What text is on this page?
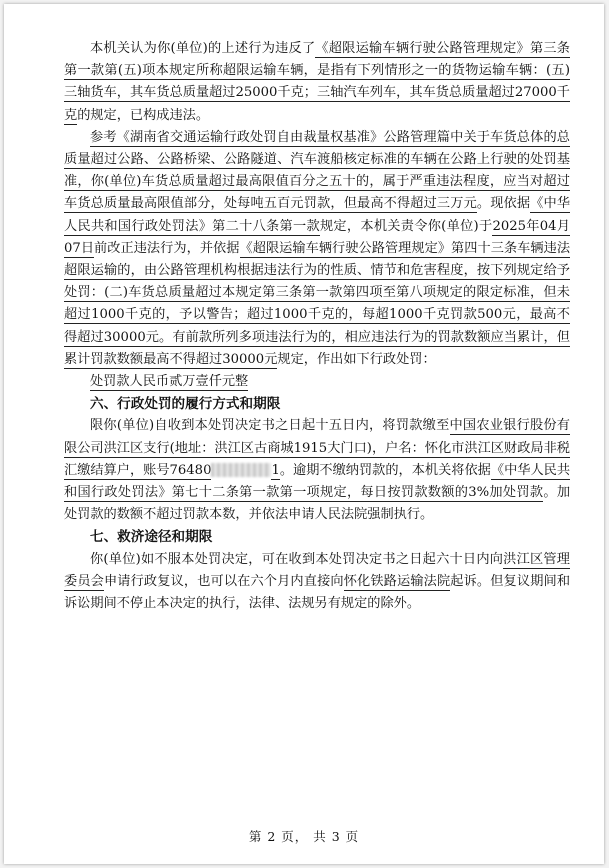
本机关认为你(单位)的上述行为违反了《超限运输车辆行驶公路管理规定》第三条第一款第(五)项本规定所称超限运输车辆，是指有下列情形之一的货物运输车辆：(五)三轴货车，其车货总质量超过25000千克；三轴汽车列车，其车货总质量超过27000千克的规定，已构成违法。

参考《湖南省交通运输行政处罚自由裁量权基准》公路管理篇中关于车货总体的总质量超过公路、公路桥梁、公路隧道、汽车渡船核定标准的车辆在公路上行驶的处罚基准，你(单位)车货总质量超过最高限值百分之五十的，属于严重违法程度，应当对超过车货总质量最高限值部分，处每吨五百元罚款，但最高不得超过三万元。现依据《中华人民共和国行政处罚法》第二十八条第一款规定，本机关责令你(单位)于2025年04月07日前改正违法行为，并依据《超限运输车辆行驶公路管理规定》第四十三条车辆违法超限运输的，由公路管理机构根据违法行为的性质、情节和危害程度，按下列规定给予处罚：(二)车货总质量超过本规定第三条第一款第四项至第八项规定的限定标准，但未超过1000千克的，予以警告；超过1000千克的，每超1000千克罚款500元，最高不得超过30000元。有前款所列多项违法行为的，相应违法行为的罚款数额应当累计，但累计罚款数额最高不得超过30000元规定，作出如下行政处罚：

处罚款人民币贰万壹仟元整

六、行政处罚的履行方式和期限

限你(单位)自收到本处罚决定书之日起十五日内，将罚款缴至中国农业银行股份有限公司洪江区支行(地址：洪江区古商城1915大门口)，户名：怀化市洪江区财政局非税汇缴结算户，账号76480	1。逾期不缴纳罚款的，本机关将依据《中华人民共和国行政处罚法》第七十二条第一款第一项规定，每日按罚款数额的3%加处罚款。加处罚款的数额不超过罚款本数，并依法申请人民法院强制执行。

七、救济途径和期限

你(单位)如不服本处罚决定，可在收到本处罚决定书之日起六十日内向洪江区管理委员会申请行政复议，也可以在六个月内直接向怀化铁路运输法院起诉。但复议期间和诉讼期间不停止本决定的执行，法律、法规另有规定的除外。

第 2 页， 共 3 页
